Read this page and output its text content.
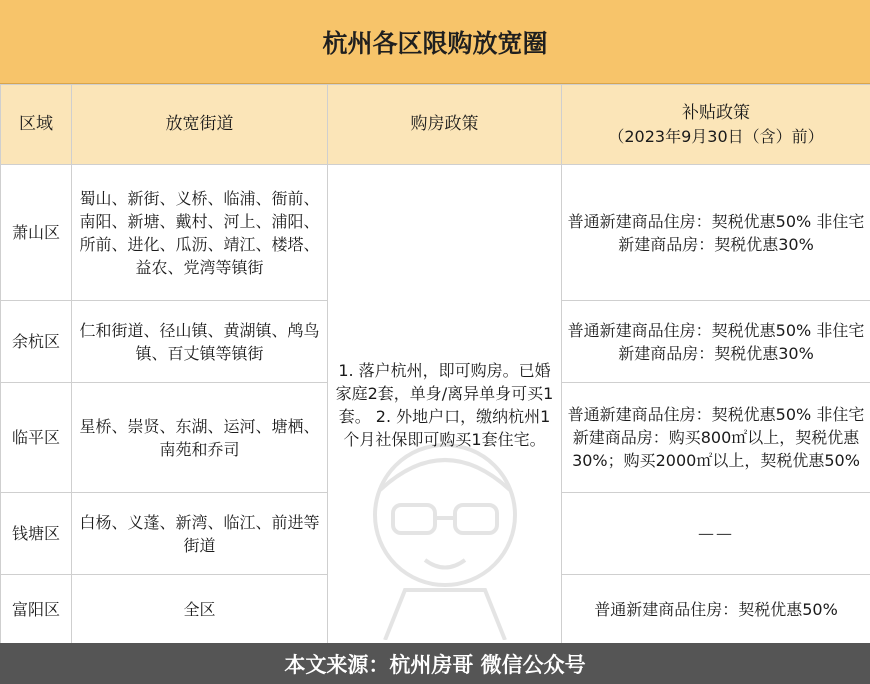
杭州各区限购放宽圈
区域	放宽街道	购房政策	补贴政策
（2023年9月30日（含）前）

萧山区	蜀山、新街、义桥、临浦、衙前、南阳、新塘、戴村、河上、浦阳、所前、进化、瓜沥、靖江、楼塔、益农、党湾等镇街	1. 落户杭州，即可购房。已婚家庭2套，单身/离异单身可买1套。 2. 外地户口，缴纳杭州1个月社保即可购买1套住宅。	普通新建商品住房：契税优惠50% 非住宅新建商品房：契税优惠30%
余杭区	仁和街道、径山镇、黄湖镇、鸬鸟镇、百丈镇等镇街		普通新建商品住房：契税优惠50% 非住宅新建商品房：契税优惠30%
临平区	星桥、崇贤、东湖、运河、塘栖、南苑和乔司		普通新建商品住房：契税优惠50% 非住宅新建商品房：购买800㎡以上，契税优惠30%；购买2000㎡以上，契税优惠50%
钱塘区	白杨、义蓬、新湾、临江、前进等街道		——
富阳区	全区		普通新建商品住房：契税优惠50%
本文来源：杭州房哥 微信公众号
